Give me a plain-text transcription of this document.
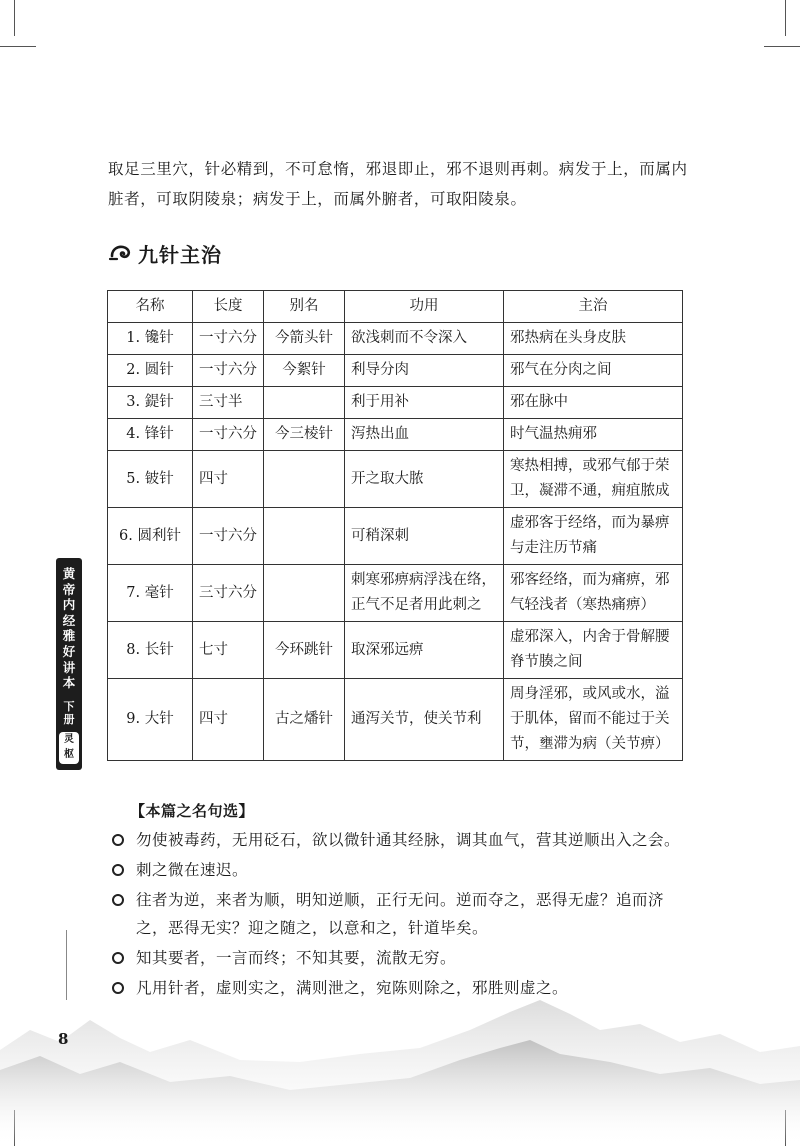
取足三里穴，针必精到，不可怠惰，邪退即止，邪不退则再刺。病发于上，而属内脏者，可取阴陵泉；病发于上，而属外腑者，可取阳陵泉。
九针主治
名称	长度	别名	功用	主治
1. 镵针	一寸六分	今箭头针	欲浅刺而不令深入	邪热病在头身皮肤
2. 圆针	一寸六分	今絮针	利导分肉	邪气在分肉之间
3. 鍉针	三寸半		利于用补	邪在脉中
4. 锋针	一寸六分	今三棱针	泻热出血	时气温热痈邪
5. 铍针	四寸		开之取大脓	寒热相搏，或邪气郁于荣卫，凝滞不通，痈疽脓成
6. 圆利针	一寸六分		可稍深刺	虚邪客于经络，而为暴痹与走注历节痛
7. 毫针	三寸六分		刺寒邪痹病浮浅在络，正气不足者用此刺之	邪客经络，而为痛痹，邪气轻浅者（寒热痛痹）
8. 长针	七寸	今环跳针	取深邪远痹	虚邪深入，内舍于骨解腰脊节腠之间
9. 大针	四寸	古之燔针	通泻关节，使关节利	周身淫邪，或风或水，溢于肌体，留而不能过于关节，壅滞为病（关节痹）
黄
帝
内
经
雅
好
讲
本
下
册
灵
枢
【本篇之名句选】
勿使被毒药，无用砭石，欲以微针通其经脉，调其血气，营其逆顺出入之会。
刺之微在速迟。
往者为逆，来者为顺，明知逆顺，正行无问。逆而夺之，恶得无虚？追而济之，恶得无实？迎之随之，以意和之，针道毕矣。
知其要者，一言而终；不知其要，流散无穷。
凡用针者，虚则实之，满则泄之，宛陈则除之，邪胜则虚之。
8
